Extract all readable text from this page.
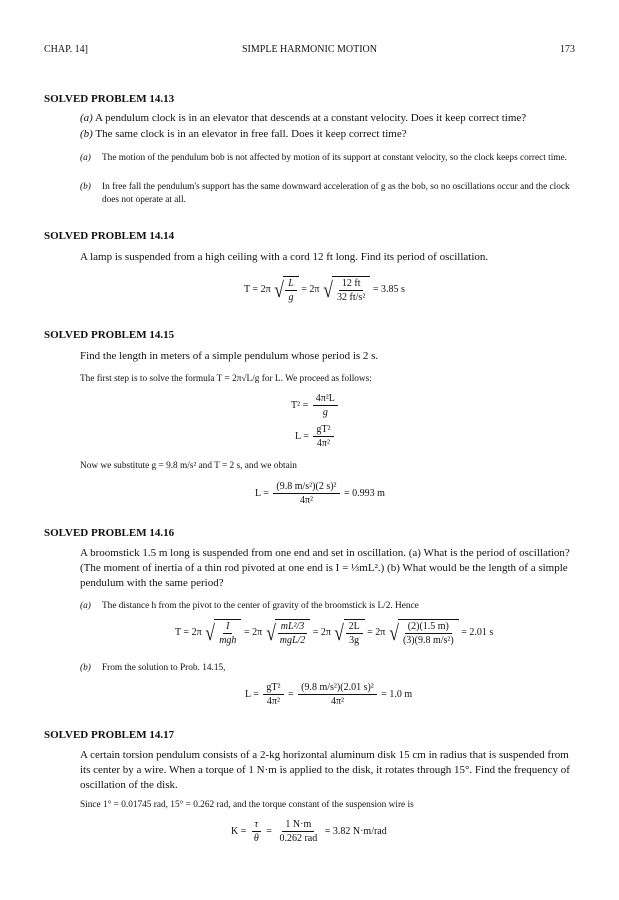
CHAP. 14]	SIMPLE HARMONIC MOTION	173
SOLVED PROBLEM 14.13
(a) A pendulum clock is in an elevator that descends at a constant velocity. Does it keep correct time?
(b) The same clock is in an elevator in free fall. Does it keep correct time?
(a)	The motion of the pendulum bob is not affected by motion of its support at constant velocity, so the clock keeps correct time.
(b)	In free fall the pendulum's support has the same downward acceleration of g as the bob, so no oscillations occur and the clock does not operate at all.
SOLVED PROBLEM 14.14
A lamp is suspended from a high ceiling with a cord 12 ft long. Find its period of oscillation.
T = 2π √ $\frac{L}{g} = 2\pi$ √ $\frac{12 ft}{\text{32 ft/s²}} = 3.85$ s
SOLVED PROBLEM 14.15
Find the length in meters of a simple pendulum whose period is 2 s.
The first step is to solve the formula T = 2π√L/g for L. We proceed as follows:
$T^2 = \frac{\text{4π²L}}{g}$
$L = \frac{\text{gT²}}{\text{4π²}}$
Now we substitute g = 9.8 m/s² and T = 2 s, and we obtain
$L = \frac{\text{(9.8 m/s²)(2 s)²}}{\text{4π²}} = 0.993$ m
SOLVED PROBLEM 14.16
A broomstick 1.5 m long is suspended from one end and set in oscillation. (a) What is the period of oscillation? (The moment of inertia of a thin rod pivoted at one end is I = ⅓mL².) (b) What would be the length of a simple pendulum with the same period?
(a)	The distance h from the pivot to the center of gravity of the broomstick is L/2. Hence
T = 2π √ $\frac{I}{\text{mgh}} = 2\pi$ √ $\frac{\text{mL²/3}}{\text{mgL/2}} = 2\pi$ √ $\frac{2L}{3g} = 2\pi$ √ $\frac{(2)(1.5 m)}{\text{(3)(9.8 m/s²)}} = 2.01$ s
(b)	From the solution to Prob. 14.15,
$L = \frac{\text{gT²}}{\text{4π²}} = \frac{\text{(9.8 m/s²)(2.01 s)²}}{\text{4π²}} = 1.0$ m
SOLVED PROBLEM 14.17
A certain torsion pendulum consists of a 2-kg horizontal aluminum disk 15 cm in radius that is suspended from its center by a wire. When a torque of 1 N·m is applied to the disk, it rotates through 15°. Find the frequency of oscillation of the disk.
Since 1° = 0.01745 rad, 15° = 0.262 rad, and the torque constant of the suspension wire is
$K = \frac{\tau}{\theta} = \frac{1 N\cdot m}{\text{0.262 rad}} = 3.82$ N·m/rad
